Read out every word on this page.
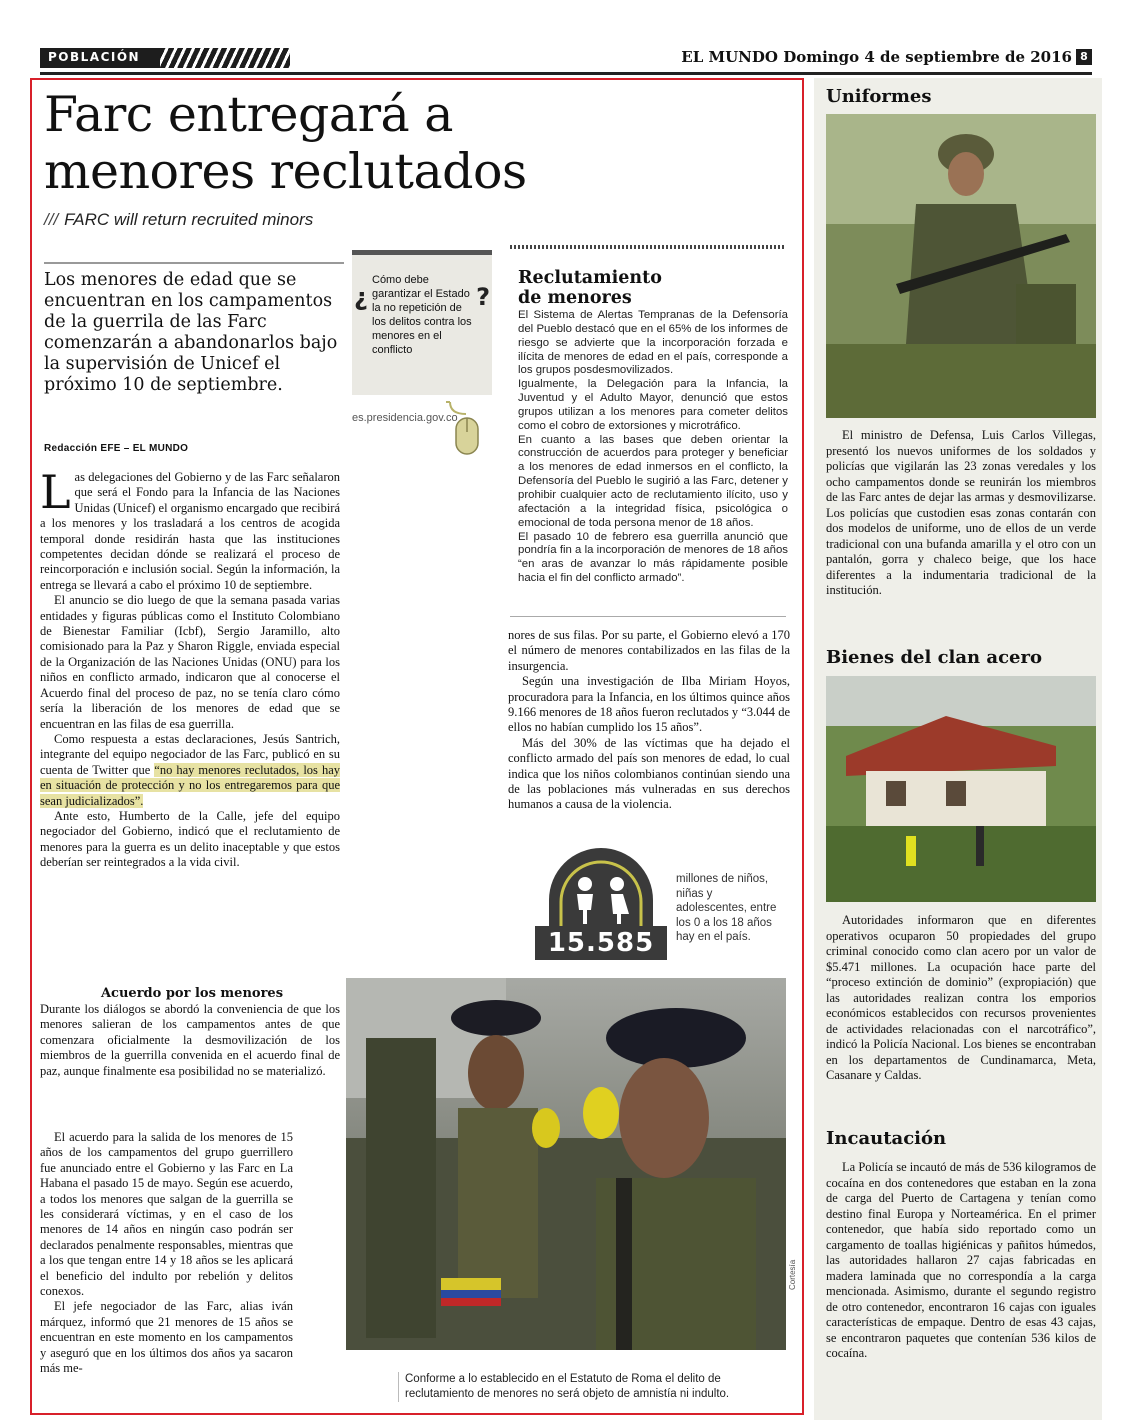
POBLACIÓN	EL MUNDO Domingo 4 de septiembre de 2016 8
Farc entregará a
menores reclutados
/// FARC will return recruited minors
Los menores de edad que se encuentran en los campamentos de la guerrila de las Farc comenzarán a abandonarlos bajo la supervisión de Unicef el próximo 10 de septiembre.
Redacción EFE – EL MUNDO

Las delegaciones del Gobierno y de las Farc señalaron que será el Fondo para la Infancia de las Naciones Unidas (Unicef) el organismo encargado que recibirá a los menores y los trasladará a los centros de acogida temporal donde residirán hasta que las instituciones competentes decidan dónde se realizará el proceso de reincorporación e inclusión social. Según la información, la entrega se llevará a cabo el próximo 10 de septiembre.

El anuncio se dio luego de que la semana pasada varias entidades y figuras públicas como el Instituto Colombiano de Bienestar Familiar (Icbf), Sergio Jaramillo, alto comisionado para la Paz y Sharon Riggle, enviada especial de la Organización de las Naciones Unidas (ONU) para los niños en conflicto armado, indicaron que al conocerse el Acuerdo final del proceso de paz, no se tenía claro cómo sería la liberación de los menores de edad que se encuentran en las filas de esa guerrilla.

Como respuesta a estas declaraciones, Jesús Santrich, integrante del equipo negociador de las Farc, publicó en su cuenta de Twitter que “no hay menores reclutados, los hay en situación de protección y no los entregaremos para que sean judicializados”.

Ante esto, Humberto de la Calle, jefe del equipo negociador del Gobierno, indicó que el reclutamiento de menores para la guerra es un delito inaceptable y que estos deberían ser reintegrados a la vida civil.

Acuerdo por los menores

Durante los diálogos se abordó la conveniencia de que los menores salieran de los campamentos antes de que comenzara oficialmente la desmovilización de los miembros de la guerrilla convenida en el acuerdo final de paz, aunque finalmente esa posibilidad no se materializó.

El acuerdo para la salida de los menores de 15 años de los campamentos del grupo guerrillero fue anunciado entre el Gobierno y las Farc en La Habana el pasado 15 de mayo. Según ese acuerdo, a todos los menores que salgan de la guerrilla se les considerará víctimas, y en el caso de los menores de 14 años en ningún caso podrán ser declarados penalmente responsables, mientras que a los que tengan entre 14 y 18 años se les aplicará el beneficio del indulto por rebelión y delitos conexos.

El jefe negociador de las Farc, alias iván márquez, informó que 21 menores de 15 años se encuentran en este momento en los campamentos y aseguró que en los últimos dos años ya sacaron más me-

¿	?
Cómo debe garantizar el Estado la no repetición de los delitos contra los menores en el conflicto
es.presidencia.gov.co
Reclutamiento
de menores

El Sistema de Alertas Tempranas de la Defensoría del Pueblo destacó que en el 65% de los informes de riesgo se advierte que la incorporación forzada e ilícita de menores de edad en el país, corresponde a los grupos posdesmovilizados.

Igualmente, la Delegación para la Infancia, la Juventud y el Adulto Mayor, denunció que estos grupos utilizan a los menores para cometer delitos como el cobro de extorsiones y microtráfico.

En cuanto a las bases que deben orientar la construcción de acuerdos para proteger y beneficiar a los menores de edad inmersos en el conflicto, la Defensoría del Pueblo le sugirió a las Farc, detener y prohibir cualquier acto de reclutamiento ilícito, uso y afectación a la integridad física, psicológica o emocional de toda persona menor de 18 años.

El pasado 10 de febrero esa guerrilla anunció que pondría fin a la incorporación de menores de 18 años “en aras de avanzar lo más rápidamente posible hacia el fin del conflicto armado”.

nores de sus filas. Por su parte, el Gobierno elevó a 170 el número de menores contabilizados en las filas de la insurgencia.

Según una investigación de Ilba Miriam Hoyos, procuradora para la Infancia, en los últimos quince años 9.166 menores de 18 años fueron reclutados y “3.044 de ellos no habían cumplido los 15 años”.

Más del 30% de las víctimas que ha dejado el conflicto armado del país son menores de edad, lo cual indica que los niños colombianos continúan siendo una de las poblaciones más vulneradas en sus derechos humanos a causa de la violencia.

15.585
millones de niños, niñas y adolescentes, entre los 0 a los 18 años hay en el país.
Cortesía
Conforme a lo establecido en el Estatuto de Roma el delito de reclutamiento de menores no será objeto de amnistía ni indulto.
Uniformes

El ministro de Defensa, Luis Carlos Villegas, presentó los nuevos uniformes de los soldados y policías que vigilarán las 23 zonas veredales y los ocho campamentos donde se reunirán los miembros de las Farc antes de dejar las armas y desmovilizarse. Los policías que custodien esas zonas contarán con dos modelos de uniforme, uno de ellos de un verde tradicional con una bufanda amarilla y el otro con un pantalón, gorra y chaleco beige, que los hace diferentes a la indumentaria tradicional de la institución.

Bienes del clan acero

Autoridades informaron que en diferentes operativos ocuparon 50 propiedades del grupo criminal conocido como clan acero por un valor de $5.471 millones. La ocupación hace parte del “proceso extinción de dominio” (expropiación) que las autoridades realizan contra los emporios económicos establecidos con recursos provenientes de actividades relacionadas con el narcotráfico”, indicó la Policía Nacional. Los bienes se encontraban en los departamentos de Cundinamarca, Meta, Casanare y Caldas.

Incautación

La Policía se incautó de más de 536 kilogramos de cocaína en dos contenedores que estaban en la zona de carga del Puerto de Cartagena y tenían como destino final Europa y Norteamérica. En el primer contenedor, que había sido reportado como un cargamento de toallas higiénicas y pañitos húmedos, las autoridades hallaron 27 cajas fabricadas en madera laminada que no correspondía a la carga mencionada. Asimismo, durante el segundo registro de otro contenedor, encontraron 16 cajas con iguales características de empaque. Dentro de esas 43 cajas, se encontraron paquetes que contenían 536 kilos de cocaína.
